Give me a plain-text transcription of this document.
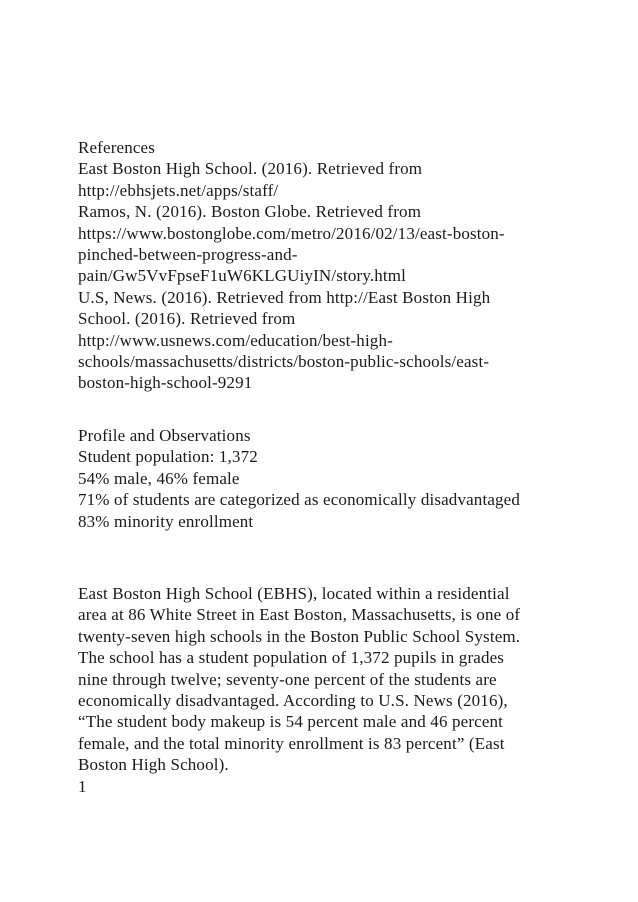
References
East Boston High School. (2016). Retrieved from
http://ebhsjets.net/apps/staff/
Ramos, N. (2016). Boston Globe. Retrieved from
https://www.bostonglobe.com/metro/2016/02/13/east-boston-
pinched-between-progress-and-
pain/Gw5VvFpseF1uW6KLGUiyIN/story.html
U.S, News. (2016). Retrieved from http://East Boston High
School. (2016). Retrieved from
http://www.usnews.com/education/best-high-
schools/massachusetts/districts/boston-public-schools/east-
boston-high-school-9291
Profile and Observations
Student population: 1,372
54% male, 46% female
71% of students are categorized as economically disadvantaged
83% minority enrollment
East Boston High School (EBHS), located within a residential
area at 86 White Street in East Boston, Massachusetts, is one of
twenty-seven high schools in the Boston Public School System.
The school has a student population of 1,372 pupils in grades
nine through twelve; seventy-one percent of the students are
economically disadvantaged. According to U.S. News (2016),
“The student body makeup is 54 percent male and 46 percent
female, and the total minority enrollment is 83 percent” (East
Boston High School).
1
